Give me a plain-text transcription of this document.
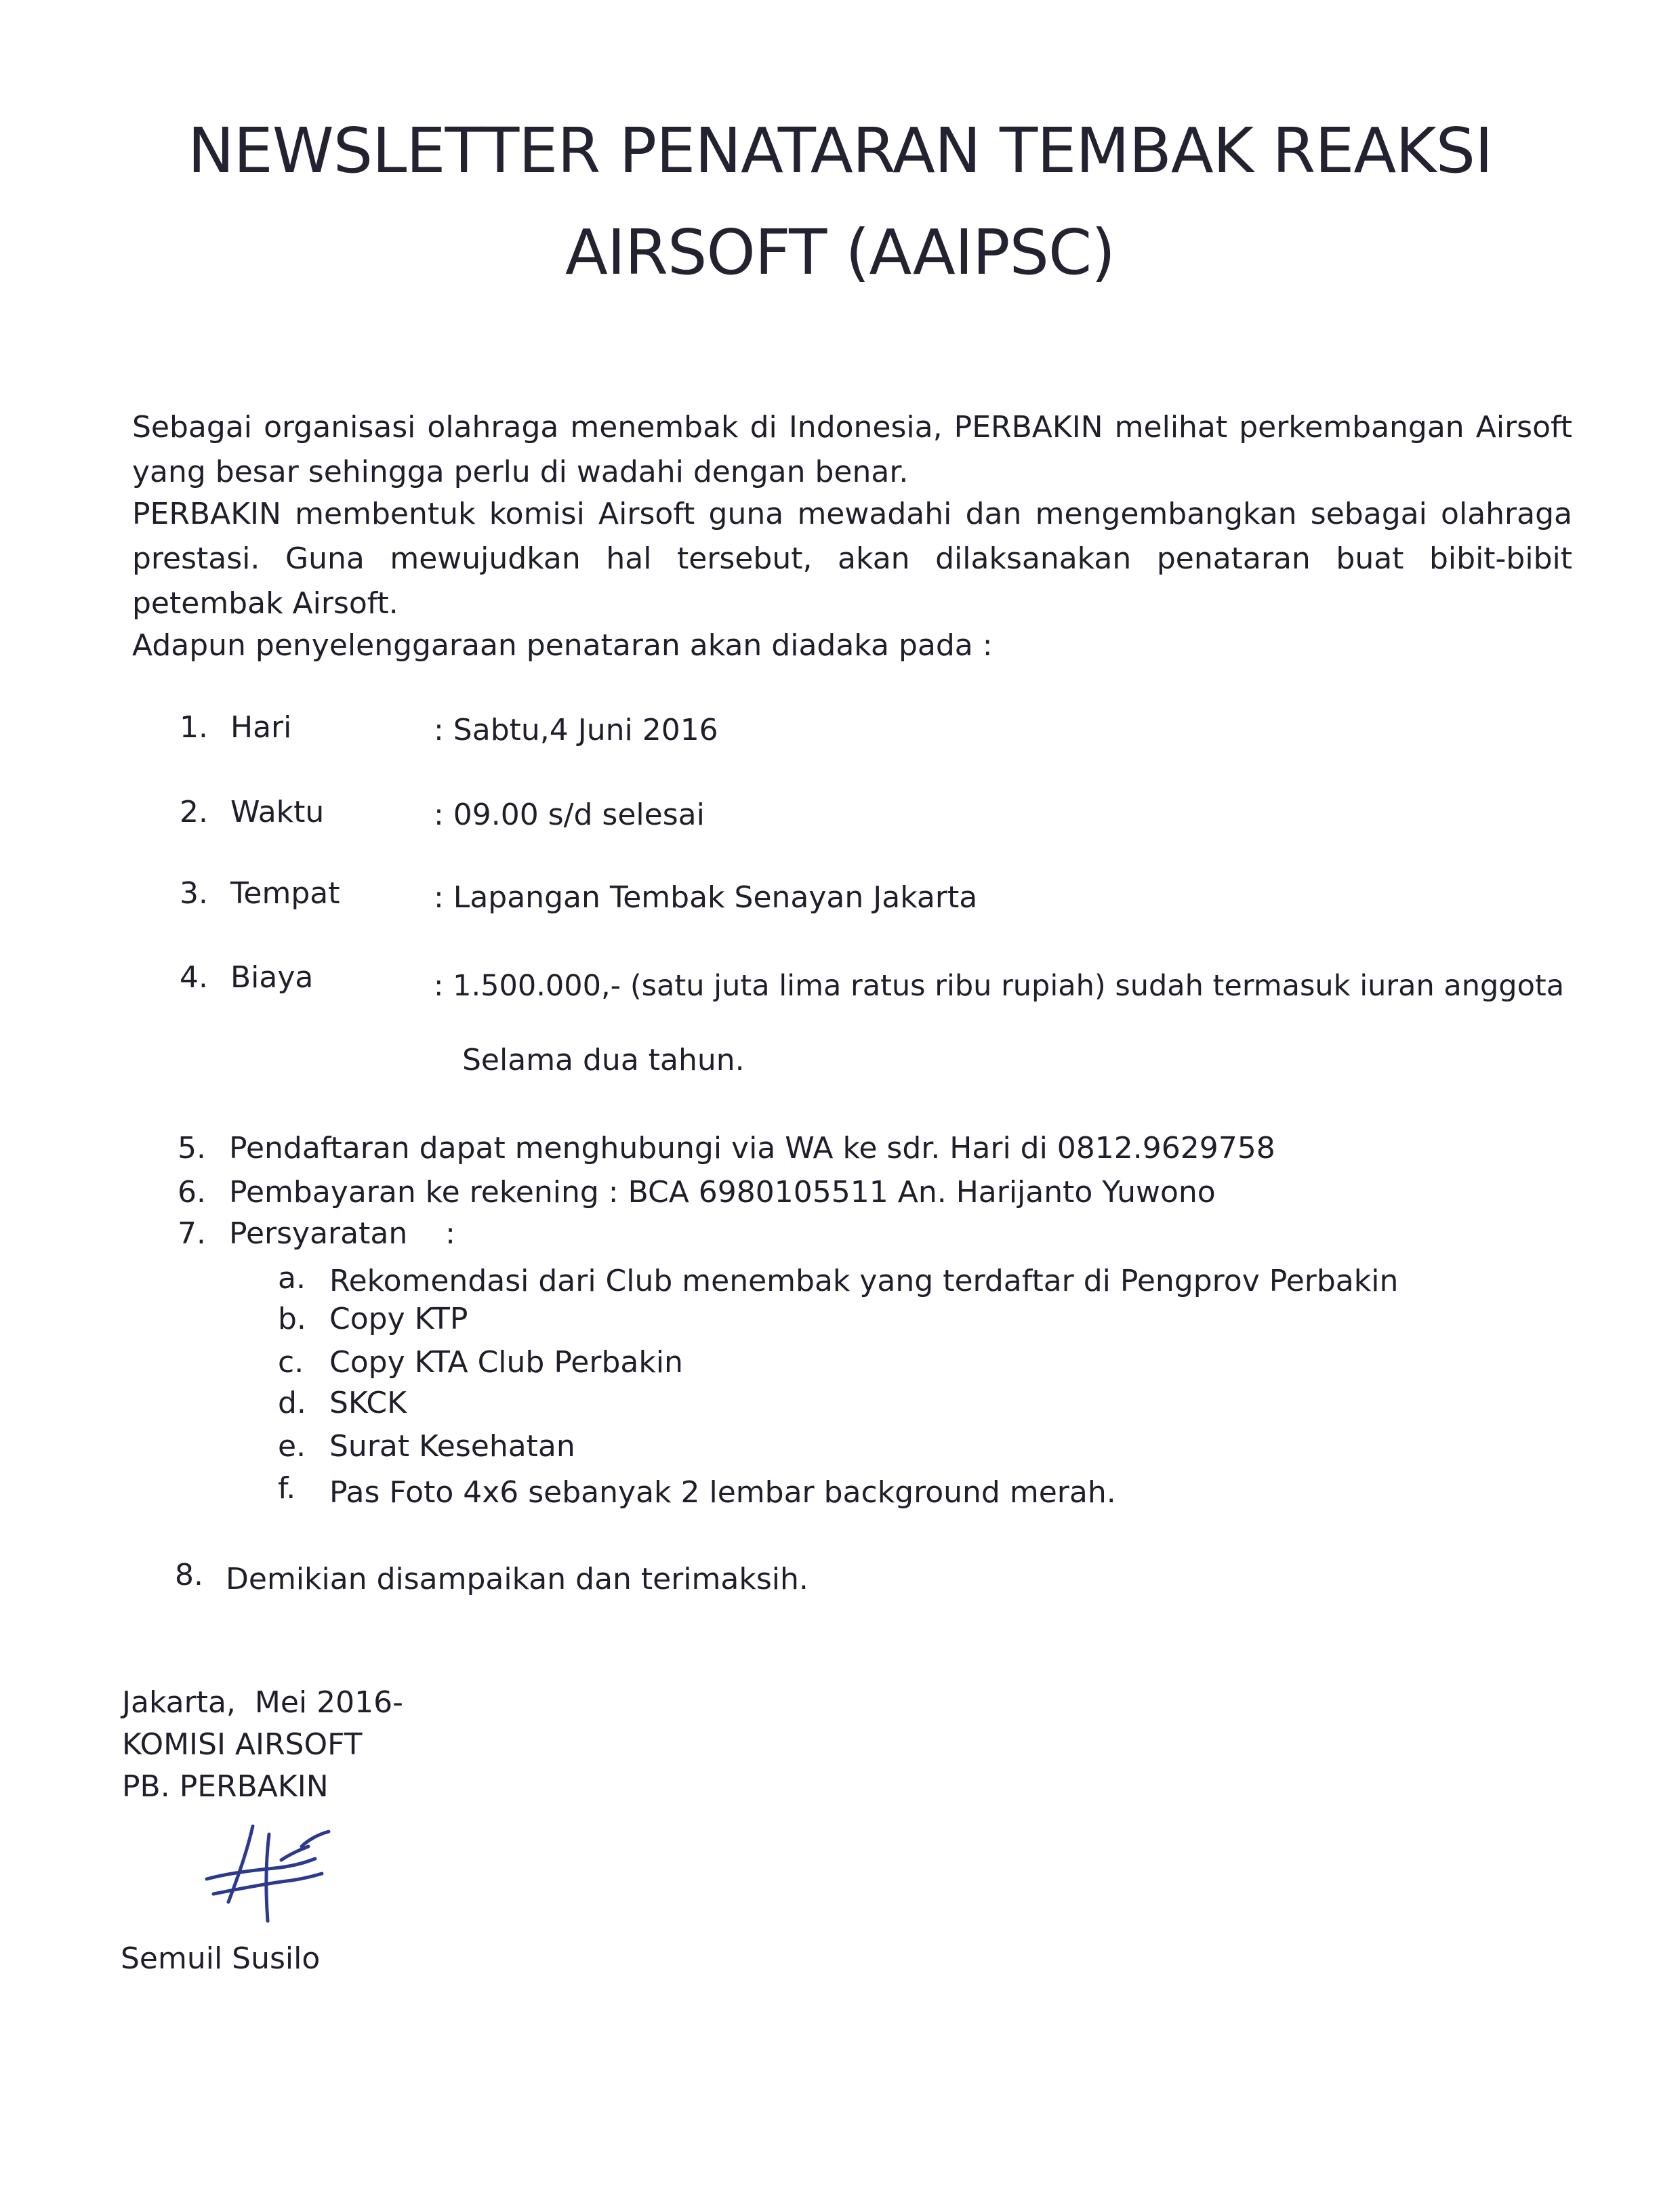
NEWSLETTER PENATARAN TEMBAK REAKSI
AIRSOFT (AAIPSC)
Sebagai organisasi olahraga menembak di Indonesia, PERBAKIN melihat perkembangan Airsoft yang besar sehingga perlu di wadahi dengan benar.
PERBAKIN membentuk komisi Airsoft guna mewadahi dan mengembangkan sebagai olahraga prestasi. Guna mewujudkan hal tersebut, akan dilaksanakan penataran buat bibit-bibit petembak Airsoft.
Adapun penyelenggaraan penataran akan diadaka pada :
1. Hari	: Sabtu,4 Juni 2016
2. Waktu	: 09.00 s/d selesai
3. Tempat	: Lapangan Tembak Senayan Jakarta
4. Biaya	: 1.500.000,- (satu juta lima ratus ribu rupiah) sudah termasuk iuran anggota
Selama dua tahun.
5. Pendaftaran dapat menghubungi via WA ke sdr. Hari di 0812.9629758
6. Pembayaran ke rekening : BCA 6980105511 An. Harijanto Yuwono
7. Persyaratan    :
a. Rekomendasi dari Club menembak yang terdaftar di Pengprov Perbakin
b. Copy KTP
c. Copy KTA Club Perbakin
d. SKCK
e. Surat Kesehatan
f. Pas Foto 4x6 sebanyak 2 lembar background merah.
8. Demikian disampaikan dan terimaksih.
Jakarta,  Mei 2016-
KOMISI AIRSOFT
PB. PERBAKIN
Semuil Susilo
